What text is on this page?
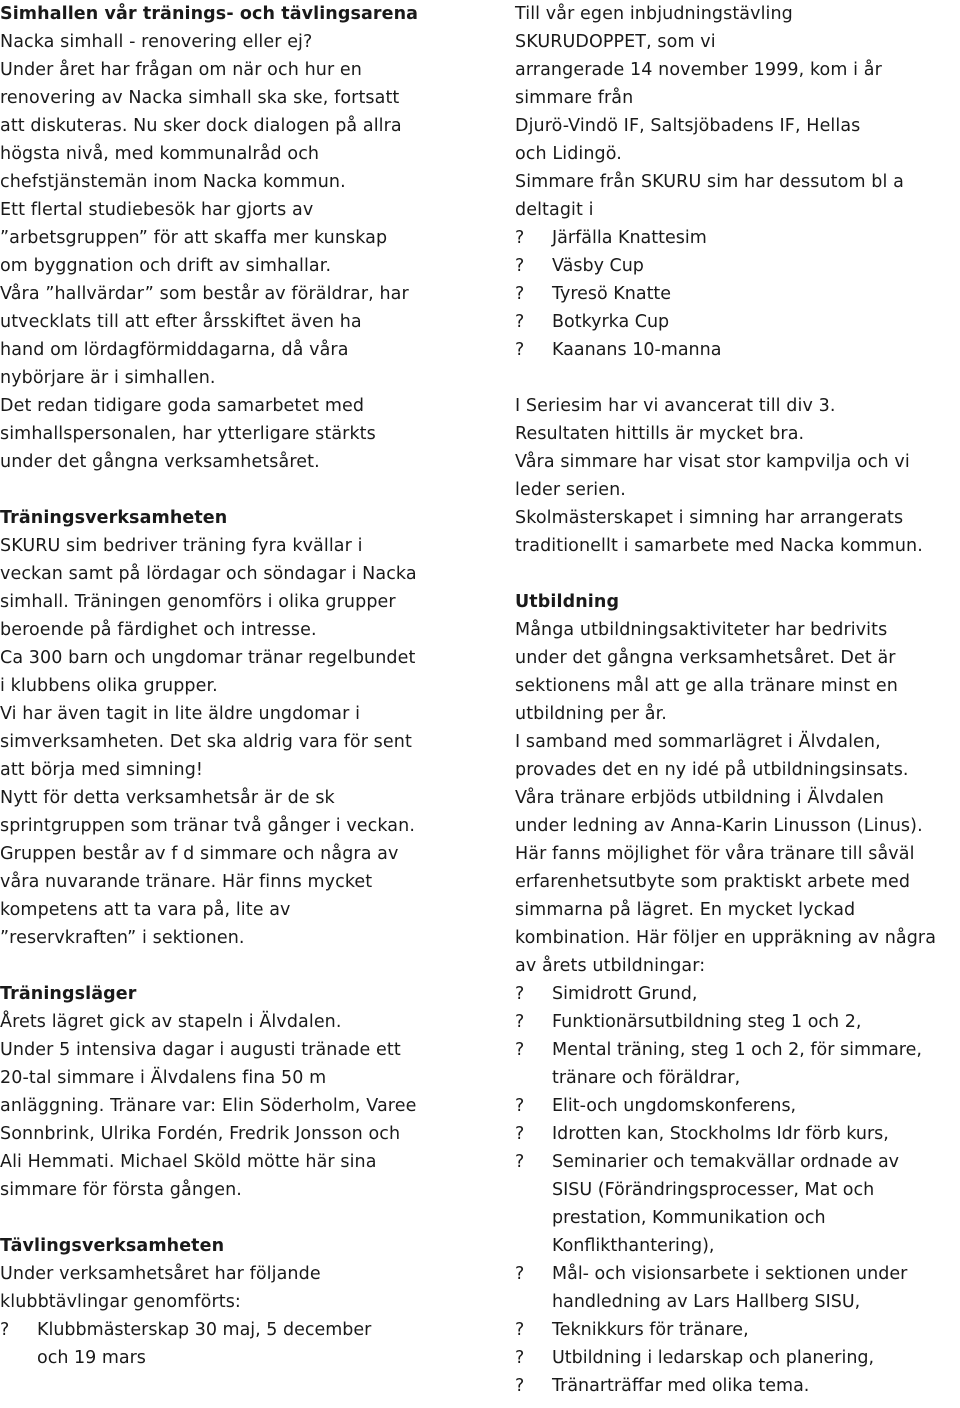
Simhallen vår tränings- och tävlingsarena
Nacka simhall - renovering eller ej?
Under året har frågan om när och hur en
renovering av Nacka simhall ska ske, fortsatt
att diskuteras. Nu sker dock dialogen på allra
högsta nivå, med kommunalråd och
chefstjänstemän inom Nacka kommun.
Ett flertal studiebesök har gjorts av
”arbetsgruppen” för att skaffa mer kunskap
om byggnation och drift av simhallar.
Våra ”hallvärdar” som består av föräldrar, har
utvecklats till att efter årsskiftet även ha
hand om lördagförmiddagarna, då våra
nybörjare är i simhallen.
Det redan tidigare goda samarbetet med
simhallspersonalen, har ytterligare stärkts
under det gångna verksamhetsåret.
Träningsverksamheten
SKURU sim bedriver träning fyra kvällar i
veckan samt på lördagar och söndagar i Nacka
simhall. Träningen genomförs i olika grupper
beroende på färdighet och intresse.
Ca 300 barn och ungdomar tränar regelbundet
i klubbens olika grupper.
Vi har även tagit in lite äldre ungdomar i
simverksamheten. Det ska aldrig vara för sent
att börja med simning!
Nytt för detta verksamhetsår är de sk
sprintgruppen som tränar två gånger i veckan.
Gruppen består av f d simmare och några av
våra nuvarande tränare. Här finns mycket
kompetens att ta vara på, lite av
”reservkraften” i sektionen.
Träningsläger
Årets lägret gick av stapeln i Älvdalen.
Under 5 intensiva dagar i augusti tränade ett
20-tal simmare i Älvdalens fina 50 m
anläggning. Tränare var: Elin Söderholm, Varee
Sonnbrink, Ulrika Fordén, Fredrik Jonsson och
Ali Hemmati. Michael Sköld mötte här sina
simmare för första gången.
Tävlingsverksamheten
Under verksamhetsåret har följande
klubbtävlingar genomförts:
?	Klubbmästerskap 30 maj, 5 december
och 19 mars
Till vår egen inbjudningstävling
SKURUDOPPET, som vi
arrangerade 14 november 1999, kom i år
simmare från
Djurö-Vindö IF, Saltsjöbadens IF, Hellas
och Lidingö.
Simmare från SKURU sim har dessutom bl a
deltagit i
?	Järfälla Knattesim
?	Väsby Cup
?	Tyresö Knatte
?	Botkyrka Cup
?	Kaanans 10-manna
I Seriesim har vi avancerat till div 3.
Resultaten hittills är mycket bra.
Våra simmare har visat stor kampvilja och vi
leder serien.
Skolmästerskapet i simning har arrangerats
traditionellt i samarbete med Nacka kommun.
Utbildning
Många utbildningsaktiviteter har bedrivits
under det gångna verksamhetsåret. Det är
sektionens mål att ge alla tränare minst en
utbildning per år.
I samband med sommarlägret i Älvdalen,
provades det en ny idé på utbildningsinsats.
Våra tränare erbjöds utbildning i Älvdalen
under ledning av Anna-Karin Linusson (Linus).
Här fanns möjlighet för våra tränare till såväl
erfarenhetsutbyte som praktiskt arbete med
simmarna på lägret. En mycket lyckad
kombination. Här följer en uppräkning av några
av årets utbildningar:
?	Simidrott Grund,
?	Funktionärsutbildning steg 1 och 2,
?	Mental träning, steg 1 och 2, för simmare,
tränare och föräldrar,
?	Elit-och ungdomskonferens,
?	Idrotten kan, Stockholms Idr förb kurs,
?	Seminarier och temakvällar ordnade av
SISU (Förändringsprocesser, Mat och
prestation, Kommunikation och
Konflikthantering),
?	Mål- och visionsarbete i sektionen under
handledning av Lars Hallberg SISU,
?	Teknikkurs för tränare,
?	Utbildning i ledarskap och planering,
?	Tränarträffar med olika tema.
